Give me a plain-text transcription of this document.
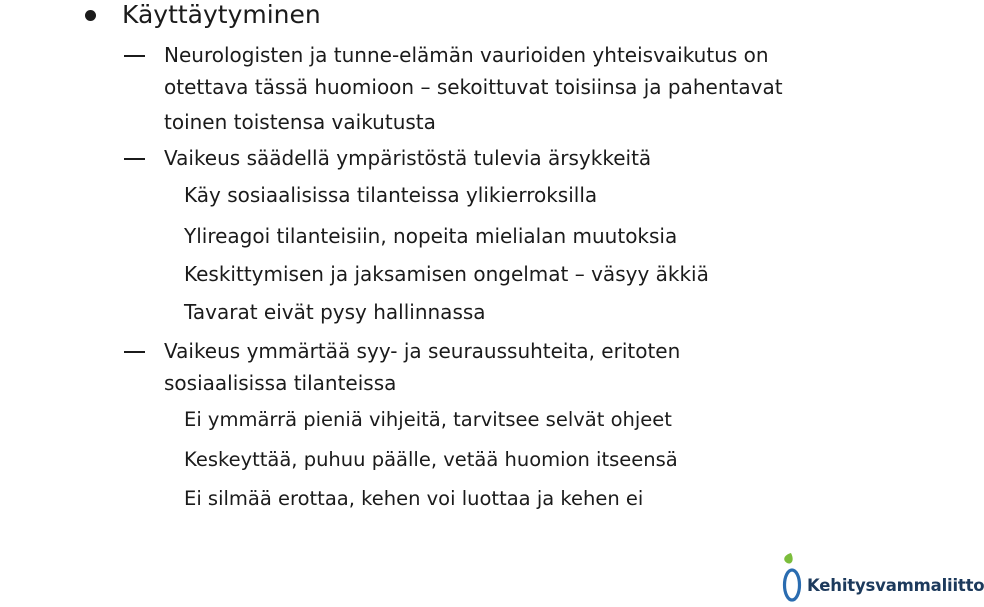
Käyttäytyminen
Neurologisten ja tunne-elämän vaurioiden yhteisvaikutus on
otettava tässä huomioon – sekoittuvat toisiinsa ja pahentavat
toinen toistensa vaikutusta
Vaikeus säädellä ympäristöstä tulevia ärsykkeitä
Käy sosiaalisissa tilanteissa ylikierroksilla
Ylireagoi tilanteisiin, nopeita mielialan muutoksia
Keskittymisen ja jaksamisen ongelmat – väsyy äkkiä
Tavarat eivät pysy hallinnassa
Vaikeus ymmärtää syy- ja seuraussuhteita, eritoten
sosiaalisissa tilanteissa
Ei ymmärrä pieniä vihjeitä, tarvitsee selvät ohjeet
Keskeyttää, puhuu päälle, vetää huomion itseensä
Ei silmää erottaa, kehen voi luottaa ja kehen ei
Kehitysvammaliitto
